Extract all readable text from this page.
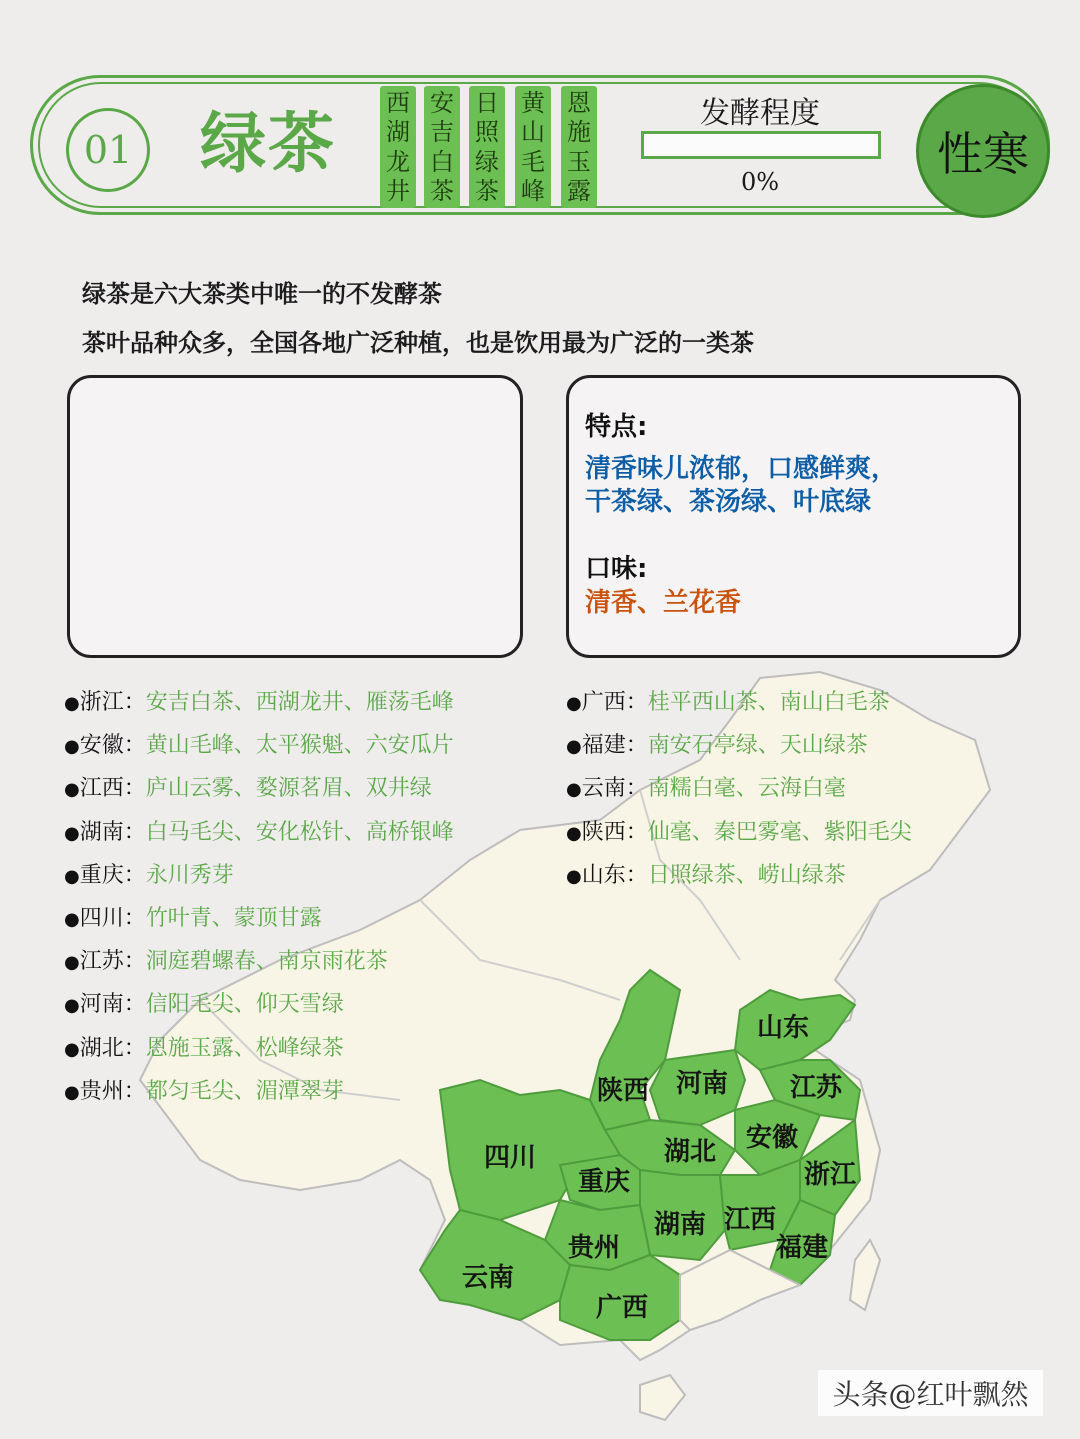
山东
陕西 河南 江苏
安徽
四川	湖北
重庆	浙江
湖南 江西
贵州	福建
云南
广西
01 绿茶
西
湖
龙
井
安
吉
白
茶
日
照
绿
茶
黄
山
毛
峰
恩
施
玉
露
发酵程度
0%
性寒
绿茶是六大茶类中唯一的不发酵茶
茶叶品种众多，全国各地广泛种植，也是饮用最为广泛的一类茶
特点:
清香味儿浓郁，口感鲜爽，
干茶绿、茶汤绿、叶底绿
口味:
清香、兰花香
●浙江：安吉白茶、西湖龙井、雁荡毛峰
●安徽：黄山毛峰、太平猴魁、六安瓜片
●江西：庐山云雾、婺源茗眉、双井绿
●湖南：白马毛尖、安化松针、高桥银峰
●重庆：永川秀芽
●四川：竹叶青、蒙顶甘露
●江苏：洞庭碧螺春、南京雨花茶
●河南：信阳毛尖、仰天雪绿
●湖北：恩施玉露、松峰绿茶
●贵州：都匀毛尖、湄潭翠芽
●广西：桂平西山茶、南山白毛茶
●福建：南安石亭绿、天山绿茶
●云南：南糯白毫、云海白毫
●陕西：仙毫、秦巴雾毫、紫阳毛尖
●山东：日照绿茶、崂山绿茶
头条@红叶飘然
